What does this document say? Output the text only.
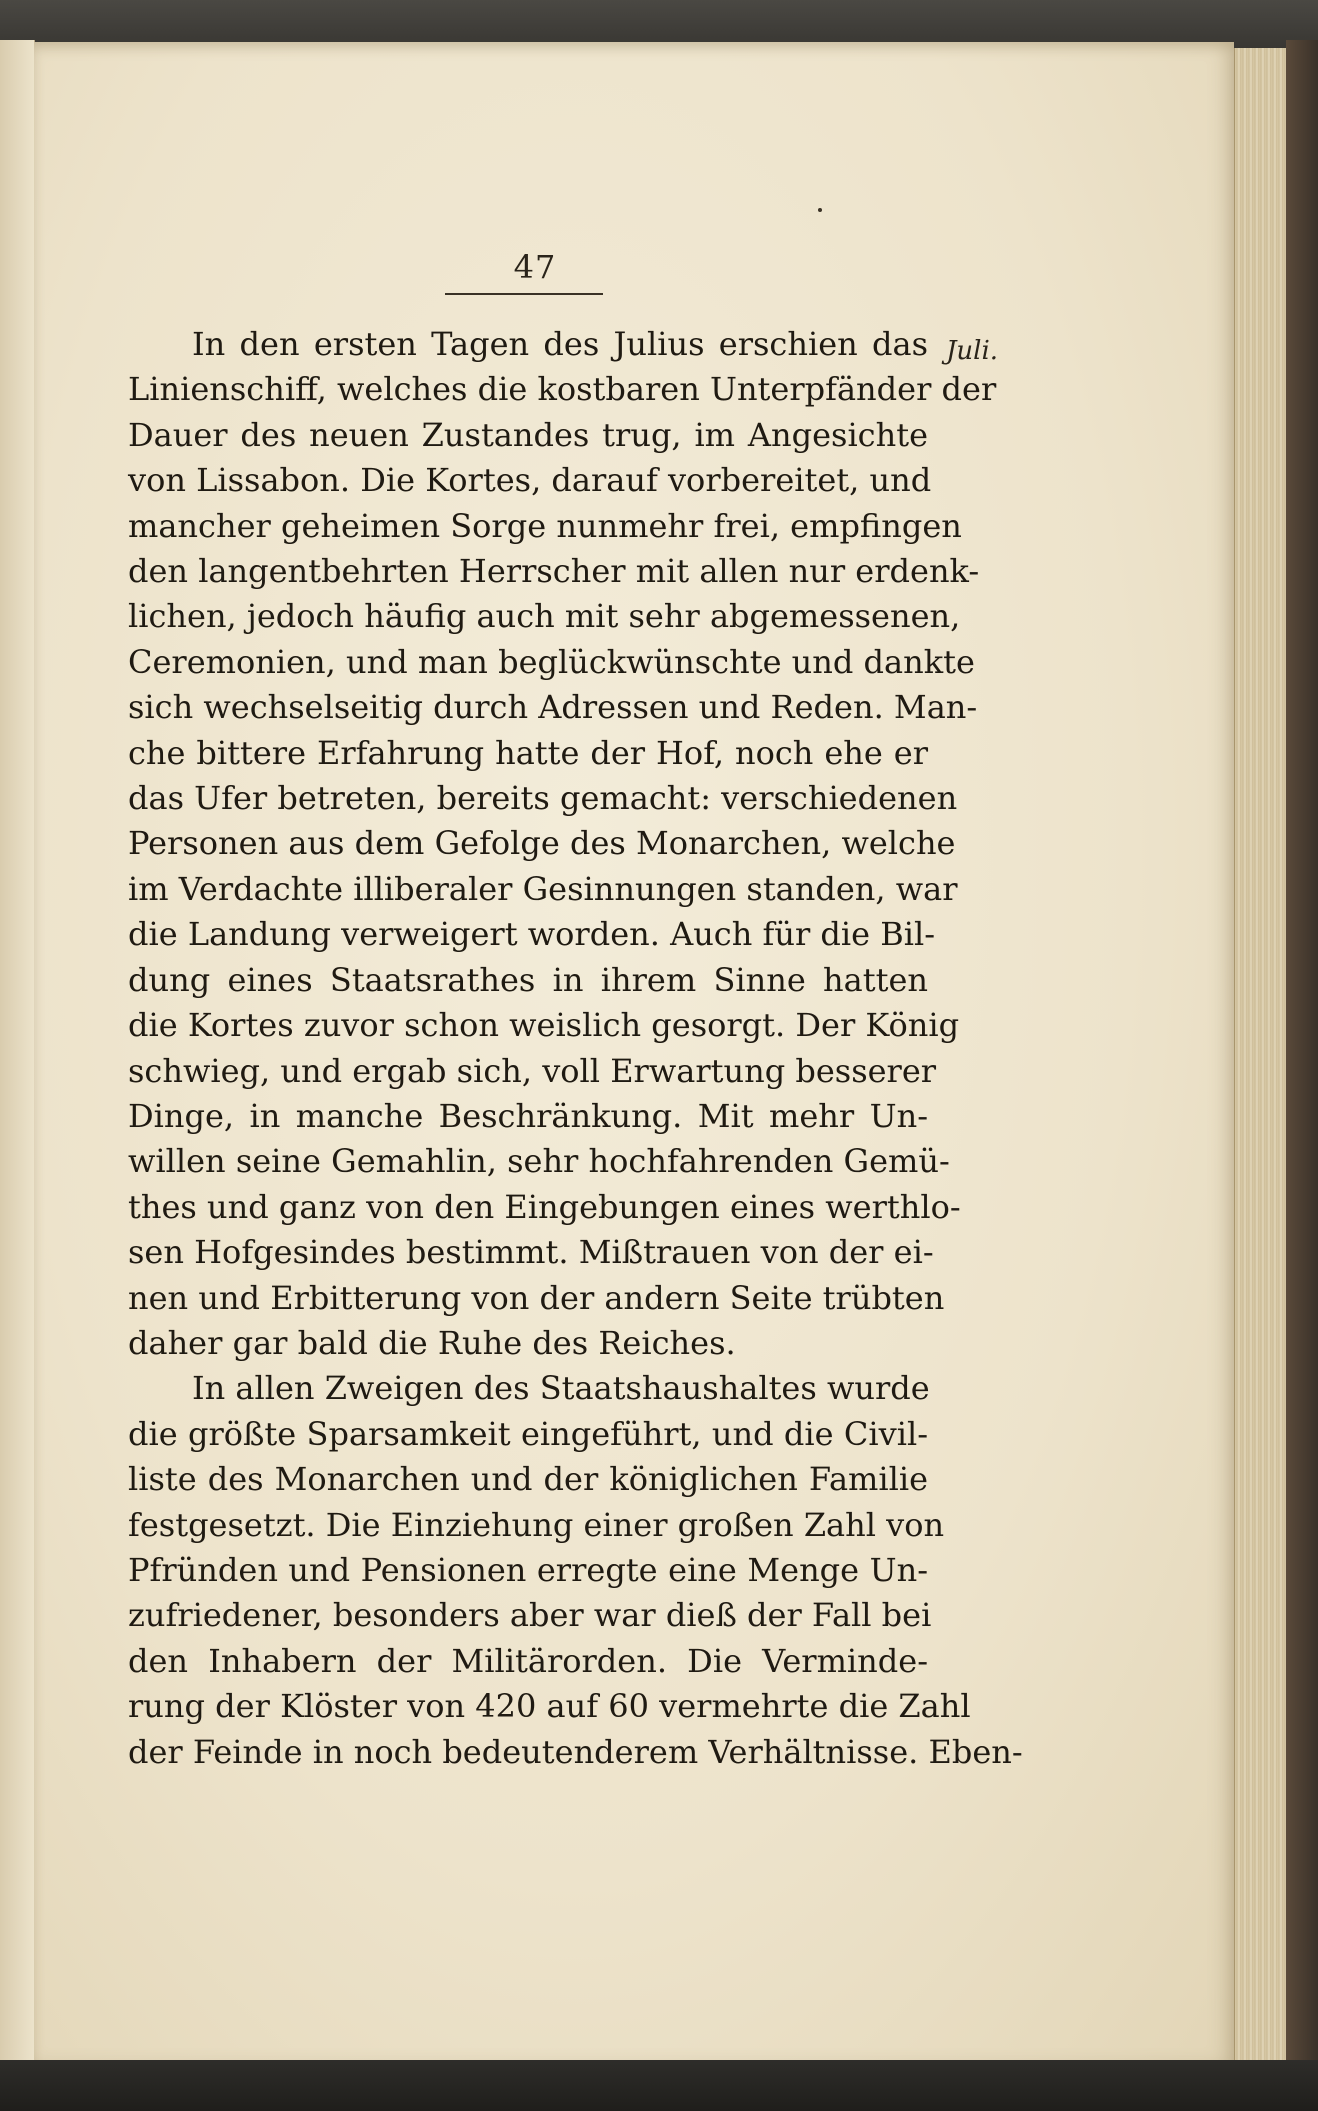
47
Juli.

In den ersten Tagen des Julius erschien das
Linienschiff, welches die kostbaren Unterpfänder der
Dauer des neuen Zustandes trug, im Angesichte
von Lissabon. Die Kortes, darauf vorbereitet, und
mancher geheimen Sorge nunmehr frei, empfingen
den langentbehrten Herrscher mit allen nur erdenk-
lichen, jedoch häufig auch mit sehr abgemessenen,
Ceremonien, und man beglückwünschte und dankte
sich wechselseitig durch Adressen und Reden. Man-
che bittere Erfahrung hatte der Hof, noch ehe er
das Ufer betreten, bereits gemacht: verschiedenen
Personen aus dem Gefolge des Monarchen, welche
im Verdachte illiberaler Gesinnungen standen, war
die Landung verweigert worden. Auch für die Bil-
dung eines Staatsrathes in ihrem Sinne hatten
die Kortes zuvor schon weislich gesorgt. Der König
schwieg, und ergab sich, voll Erwartung besserer
Dinge, in manche Beschränkung. Mit mehr Un-
willen seine Gemahlin, sehr hochfahrenden Gemü-
thes und ganz von den Eingebungen eines werthlo-
sen Hofgesindes bestimmt. Mißtrauen von der ei-
nen und Erbitterung von der andern Seite trübten
daher gar bald die Ruhe des Reiches.

In allen Zweigen des Staatshaushaltes wurde
die größte Sparsamkeit eingeführt, und die Civil-
liste des Monarchen und der königlichen Familie
festgesetzt. Die Einziehung einer großen Zahl von
Pfründen und Pensionen erregte eine Menge Un-
zufriedener, besonders aber war dieß der Fall bei
den Inhabern der Militärorden. Die Verminde-
rung der Klöster von 420 auf 60 vermehrte die Zahl
der Feinde in noch bedeutenderem Verhältnisse. Eben-
